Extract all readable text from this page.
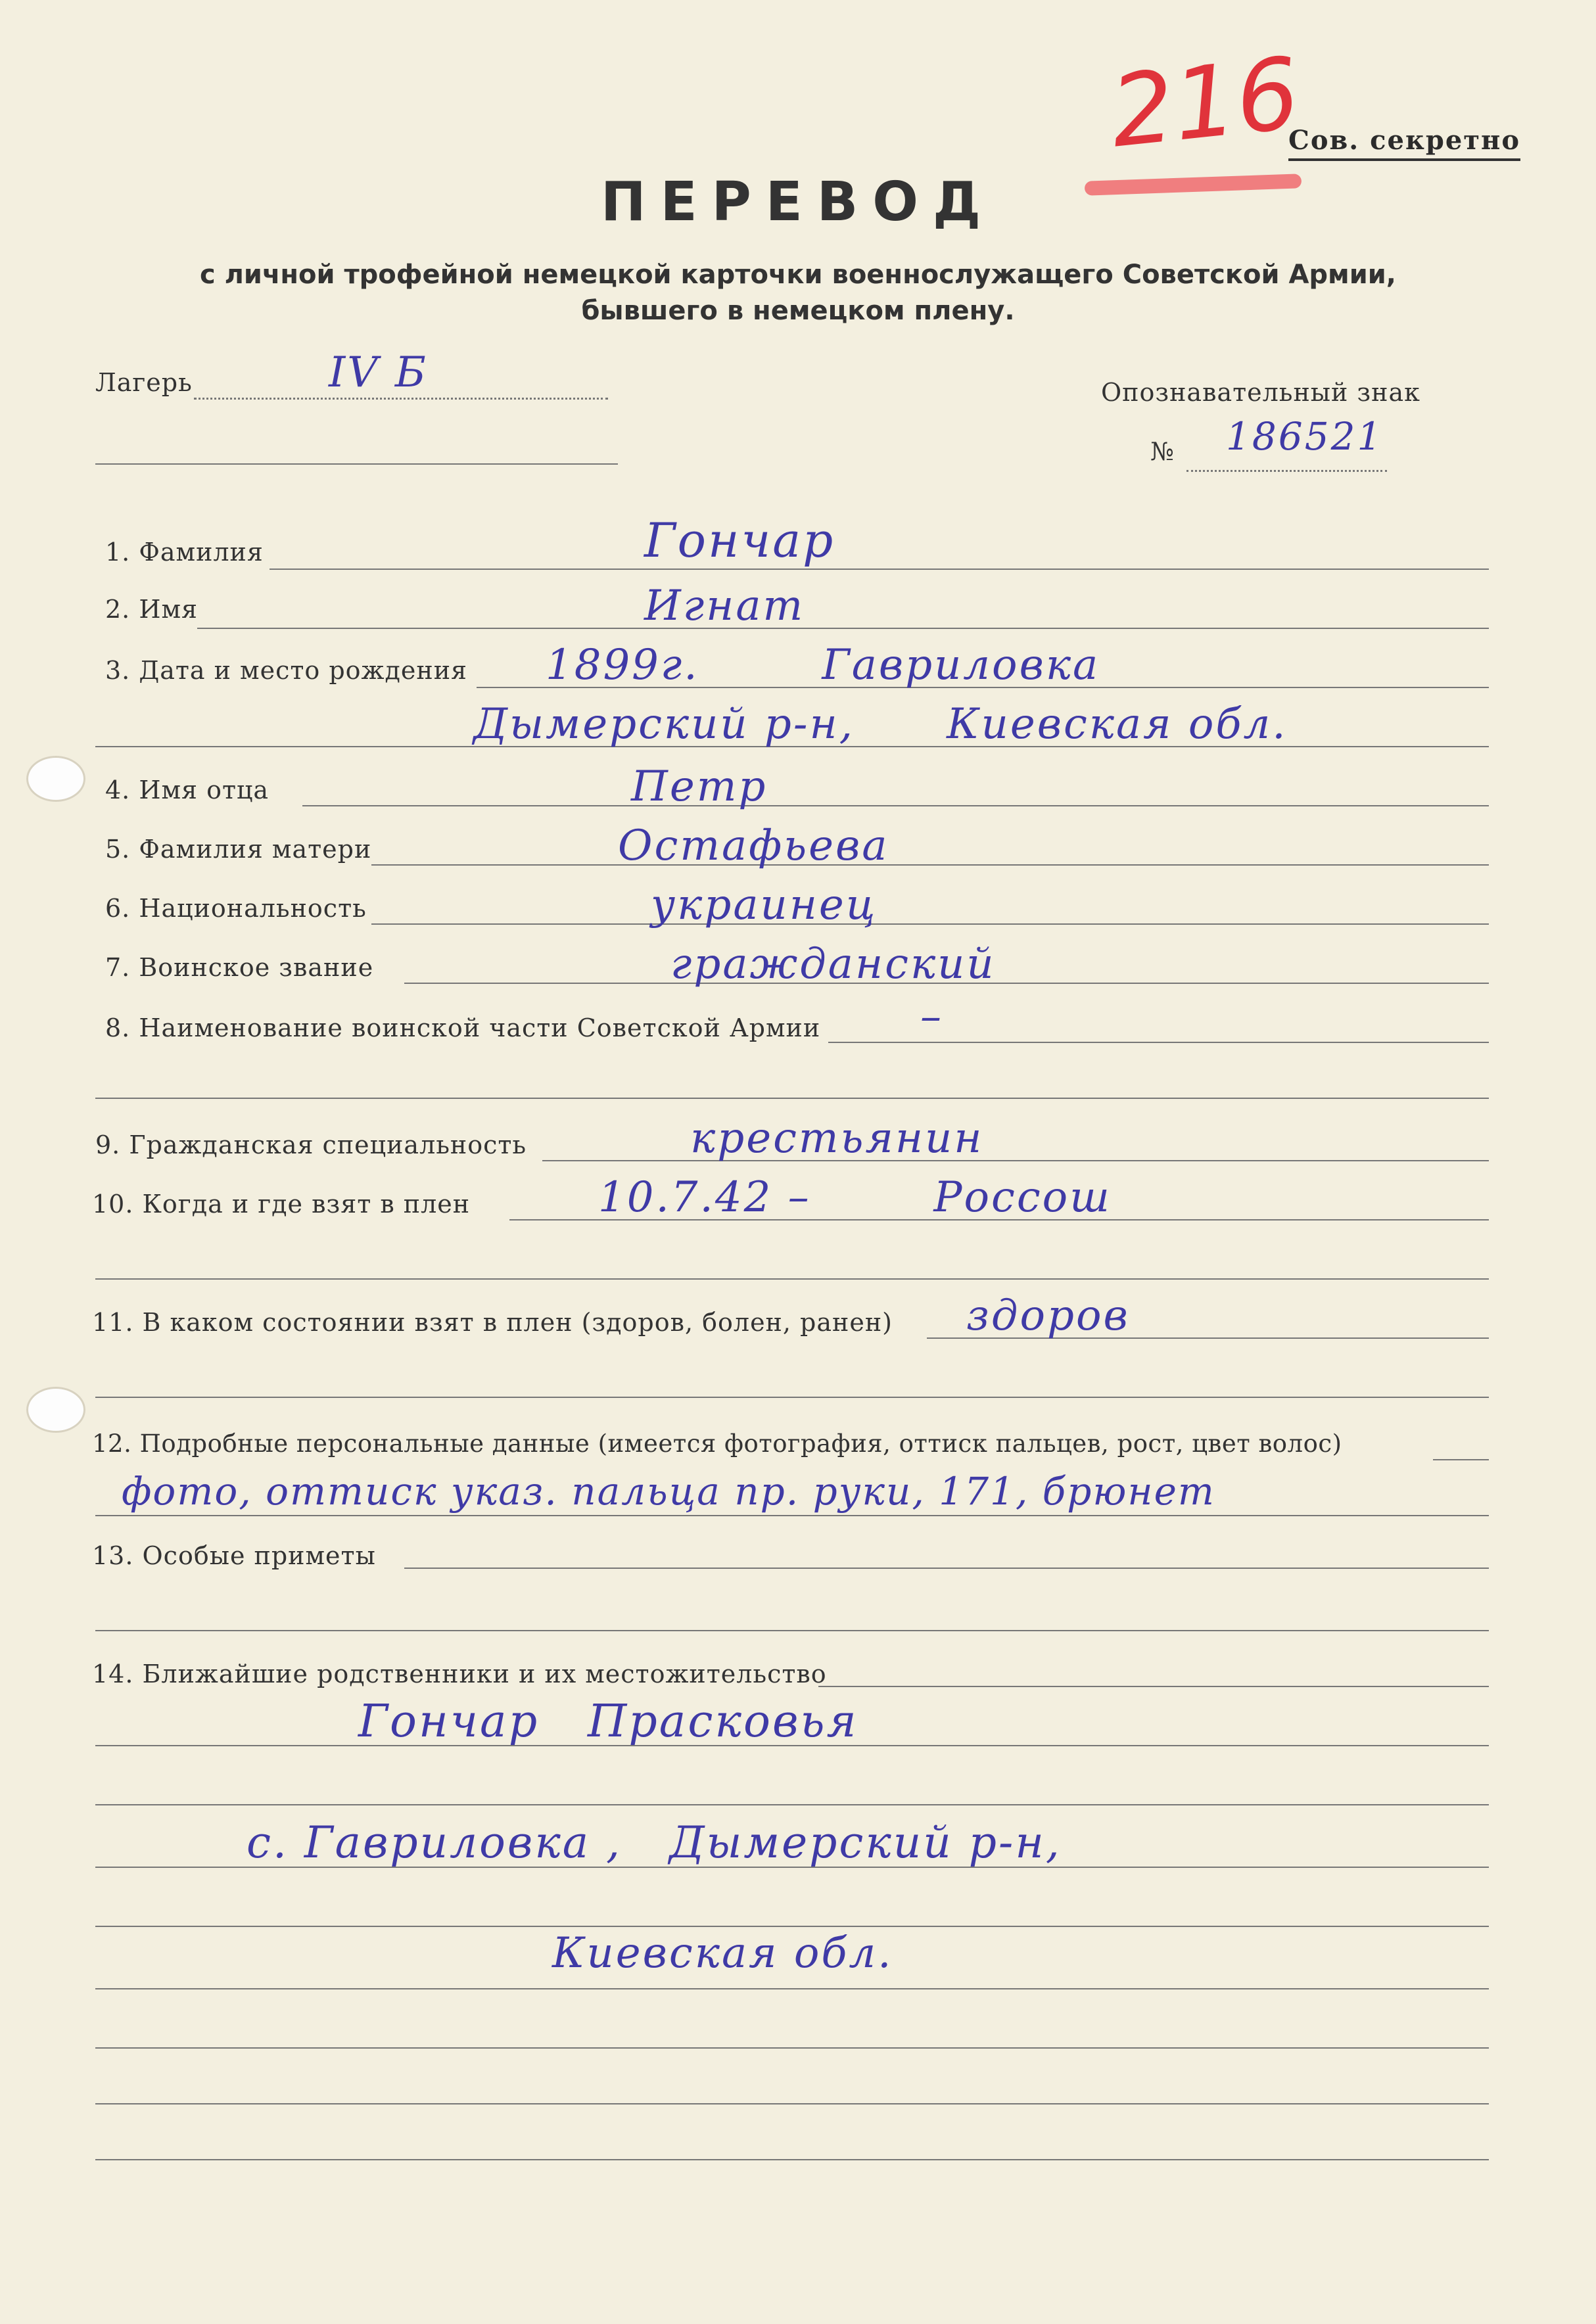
216
Сов. секретно
ПЕРЕВОД
с личной трофейной немецкой карточки военнослужащего Советской Армии,
бывшего в немецком плену.
Лагерь	IV Б	Опознавательный знак
№ 186521
1. Фамилия	Гончар
2. Имя	Игнат
3. Дата и место рождения 1899г.        Гавриловка
Дымерский р-н,      Киевская обл.
4. Имя отца	Петр
5. Фамилия матери	Остафьева
6. Национальность	украинец
7. Воинское звание	гражданский
8. Наименование воинской части Советской Армии –
9. Гражданская специальность	крестьянин
10. Когда и где взят в плен	10.7.42 –        Россош
11. В каком состоянии взят в плен (здоров, болен, ранен) здоров
12. Подробные персональные данные (имеется фотография, оттиск пальцев, рост, цвет волос)
фото, оттиск указ. пальца пр. руки, 171, брюнет
13. Особые приметы
14. Ближайшие родственники и их местожительство
Гончар   Прасковья
с. Гавриловка ,   Дымерский р-н,
Киевская обл.
